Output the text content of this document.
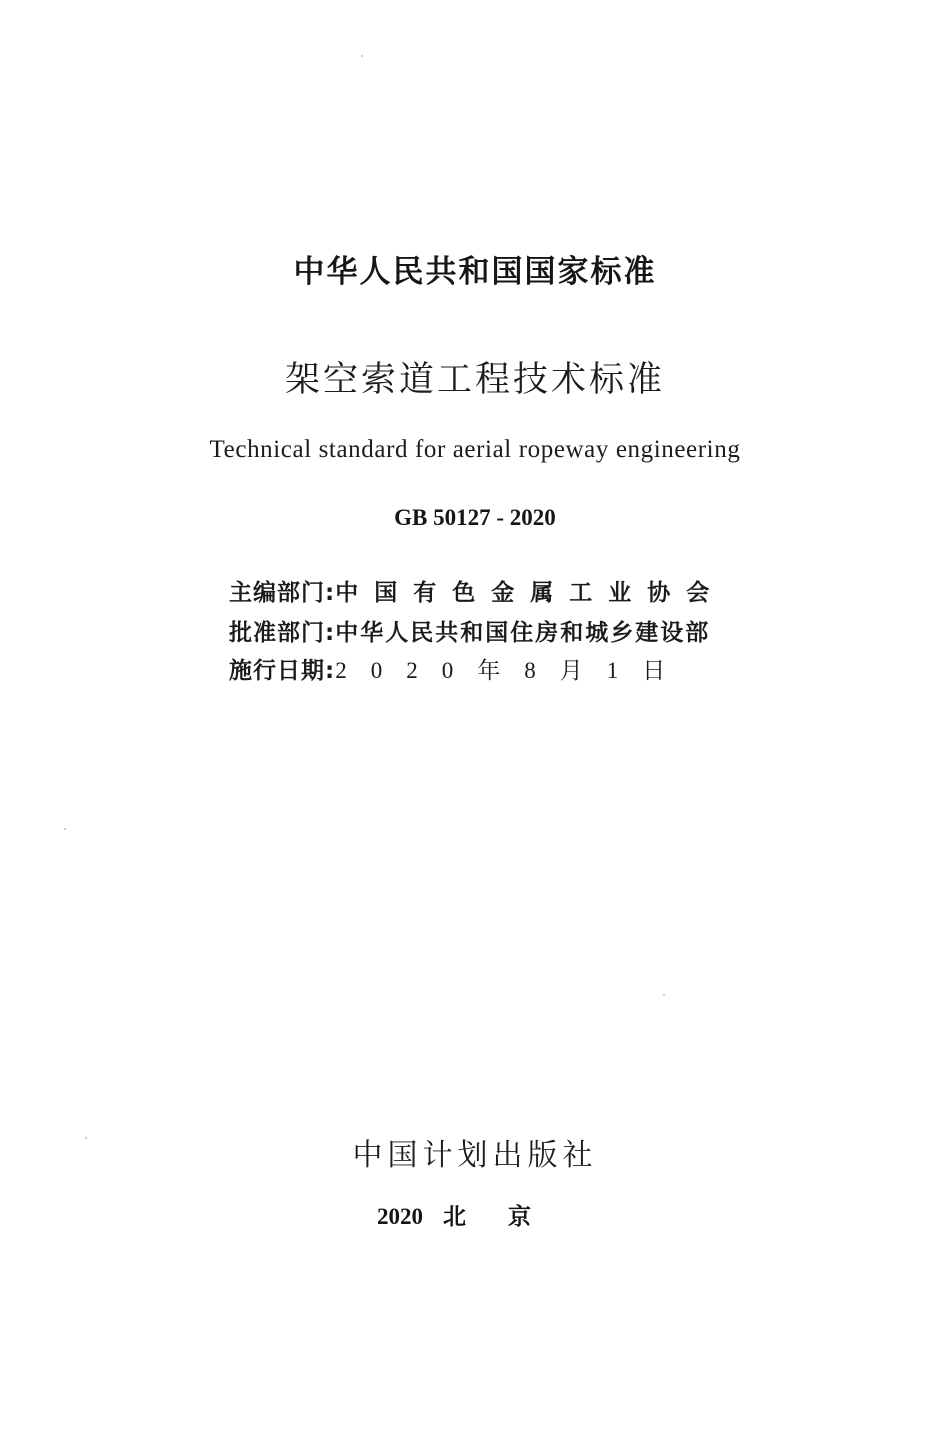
中华人民共和国国家标准
架空索道工程技术标准
Technical standard for aerial ropeway engineering
GB 50127 - 2020
主编部门: 中国有色金属工业协会
批准部门: 中华人民共和国住房和城乡建设部
施行日期: 2020年8月1日
中国计划出版社
2020 北京
